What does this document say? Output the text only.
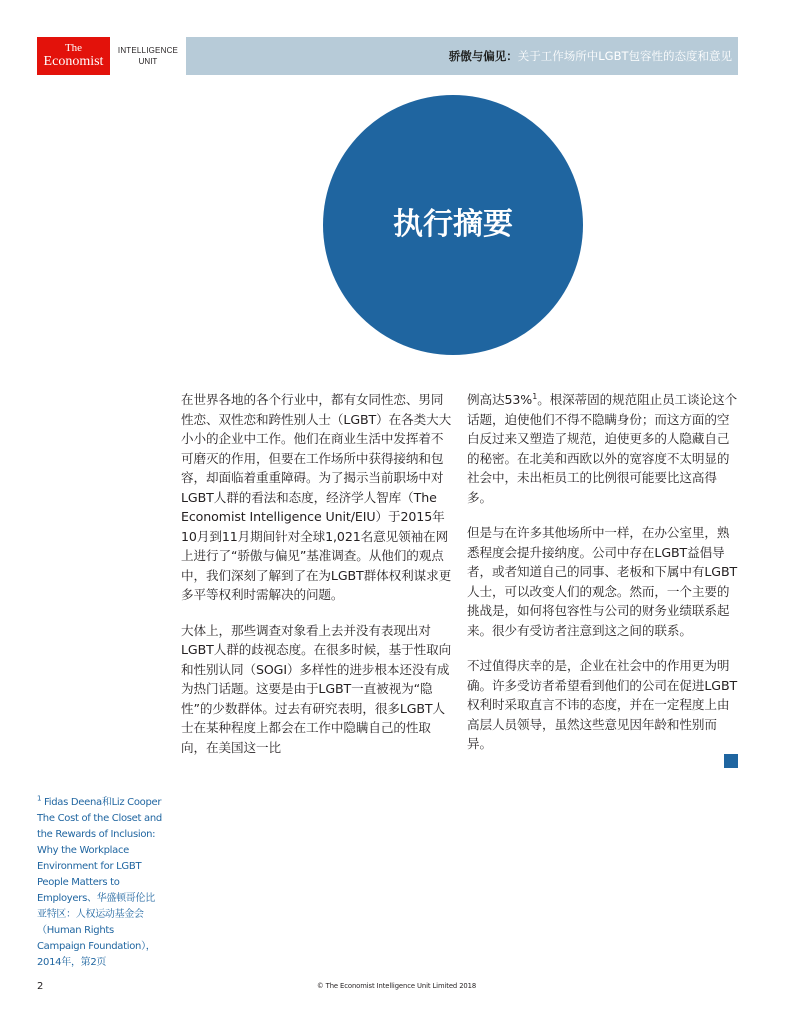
The
Economist
INTELLIGENCE
UNIT	骄傲与偏见：关于工作场所中LGBT包容性的态度和意见
执行摘要

在世界各地的各个行业中，都有女同性恋、男同性恋、双性恋和跨性别人士（LGBT）在各类大大小小的企业中工作。他们在商业生活中发挥着不可磨灭的作用，但要在工作场所中获得接纳和包容，却面临着重重障碍。为了揭示当前职场中对LGBT人群的看法和态度，经济学人智库（The Economist Intelligence Unit/EIU）于2015年10月到11月期间针对全球1,021名意见领袖在网上进行了“骄傲与偏见”基准调查。从他们的观点中，我们深刻了解到了在为LGBT群体权利谋求更多平等权利时需解决的问题。

大体上，那些调查对象看上去并没有表现出对LGBT人群的歧视态度。在很多时候，基于性取向和性别认同（SOGI）多样性的进步根本还没有成为热门话题。这要是由于LGBT一直被视为“隐性”的少数群体。过去有研究表明，很多LGBT人士在某种程度上都会在工作中隐瞒自己的性取向，在美国这一比

例高达53%$^1$。根深蒂固的规范阻止员工谈论这个话题，迫使他们不得不隐瞒身份；而这方面的空白反过来又塑造了规范，迫使更多的人隐藏自己的秘密。在北美和西欧以外的宽容度不太明显的社会中，未出柜员工的比例很可能要比这高得多。

但是与在许多其他场所中一样，在办公室里，熟悉程度会提升接纳度。公司中存在LGBT益倡导者，或者知道自己的同事、老板和下属中有LGBT人士，可以改变人们的观念。然而，一个主要的挑战是，如何将包容性与公司的财务业绩联系起来。很少有受访者注意到这之间的联系。

不过值得庆幸的是，企业在社会中的作用更为明确。许多受访者希望看到他们的公司在促进LGBT权利时采取直言不讳的态度，并在一定程度上由高层人员领导，虽然这些意见因年龄和性别而异。

$^1$ Fidas Deena和Liz Cooper The Cost of the Closet and the Rewards of Inclusion: Why the Workplace Environment for LGBT People Matters to Employers、华盛顿哥伦比亚特区：人权运动基金会（Human Rights Campaign Foundation），2014年，第2页
2	© The Economist Intelligence Unit Limited 2018
